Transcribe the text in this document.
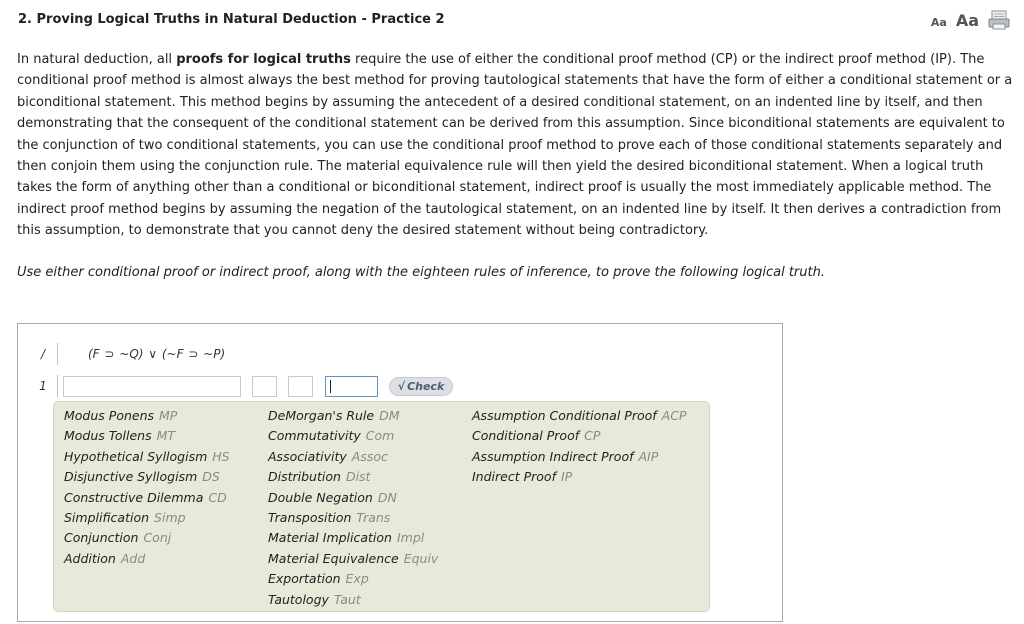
2. Proving Logical Truths in Natural Deduction - Practice 2	Aa Aa

In natural deduction, all proofs for logical truths require the use of either the conditional proof method (CP) or the indirect proof method (IP). The conditional proof method is almost always the best method for proving tautological statements that have the form of either a conditional statement or a biconditional statement. This method begins by assuming the antecedent of a desired conditional statement, on an indented line by itself, and then demonstrating that the consequent of the conditional statement can be derived from this assumption. Since biconditional statements are equivalent to the conjunction of two conditional statements, you can use the conditional proof method to prove each of those conditional statements separately and then conjoin them using the conjunction rule. The material equivalence rule will then yield the desired biconditional statement. When a logical truth takes the form of anything other than a conditional or biconditional statement, indirect proof is usually the most immediately applicable method. The indirect proof method begins by assuming the negation of the tautological statement, on an indented line by itself. It then derives a contradiction from this assumption, to demonstrate that you cannot deny the desired statement without being contradictory.

Use either conditional proof or indirect proof, along with the eighteen rules of inference, to prove the following logical truth.

/	(F ⊃ ~Q) ∨ (~F ⊃ ~P)
1	√ Check
Modus Ponens MP
Modus Tollens MT
Hypothetical Syllogism HS
Disjunctive Syllogism DS
Constructive Dilemma CD
Simplification Simp
Conjunction Conj
Addition Add
DeMorgan's Rule DM
Commutativity Com
Associativity Assoc
Distribution Dist
Double Negation DN
Transposition Trans
Material Implication Impl
Material Equivalence Equiv
Exportation Exp
Tautology Taut
Assumption Conditional Proof ACP
Conditional Proof CP
Assumption Indirect Proof AIP
Indirect Proof IP
